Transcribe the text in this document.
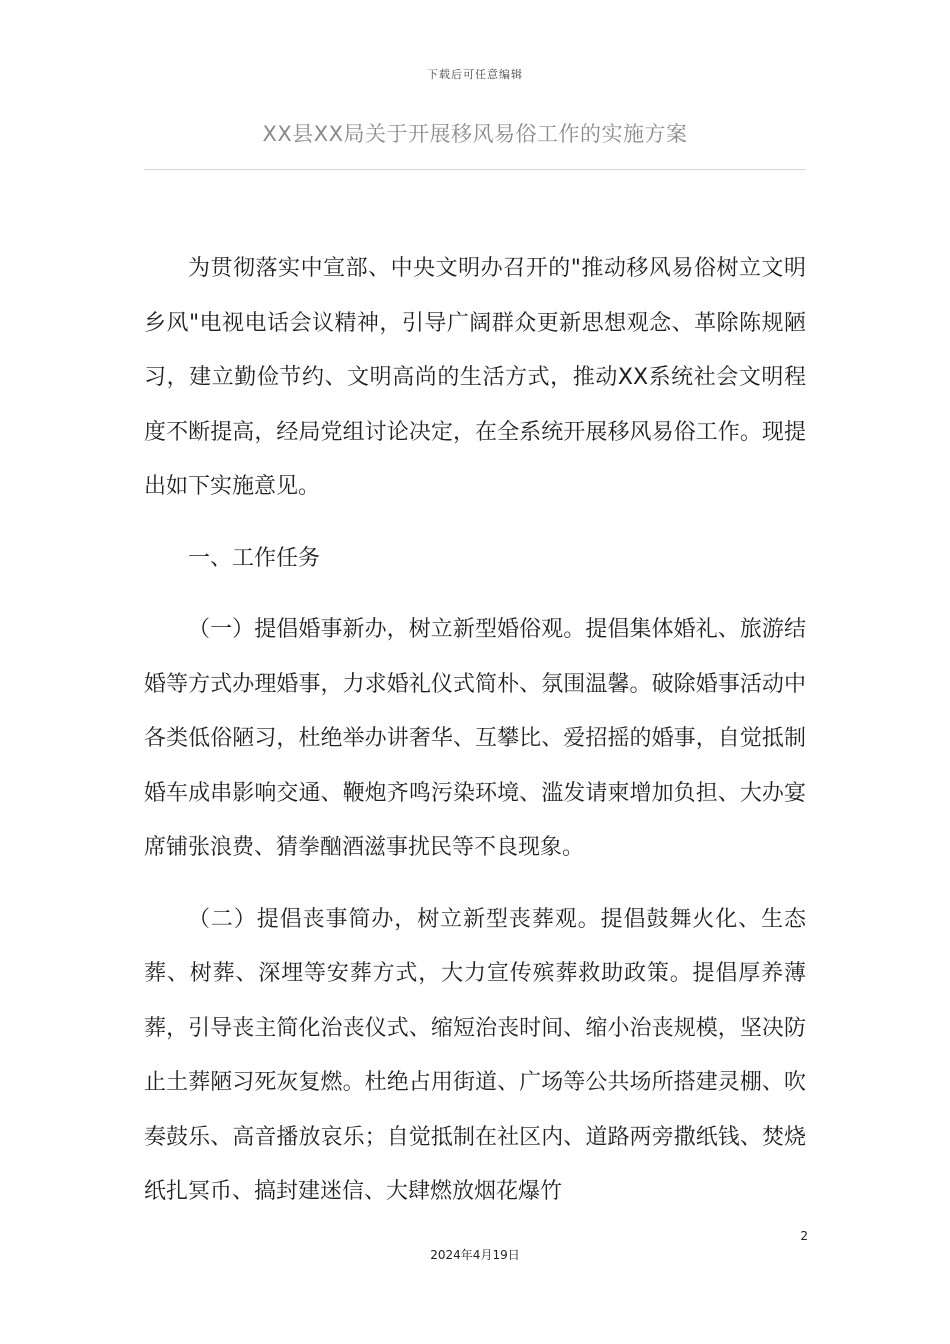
下载后可任意编辑
XX县XX局关于开展移风易俗工作的实施方案

为贯彻落实中宣部、中央文明办召开的"推动移风易俗树立文明乡风"电视电话会议精神，引导广阔群众更新思想观念、革除陈规陋习，建立勤俭节约、文明高尚的生活方式，推动XX系统社会文明程度不断提高，经局党组讨论决定，在全系统开展移风易俗工作。现提出如下实施意见。

一、工作任务

（一）提倡婚事新办，树立新型婚俗观。提倡集体婚礼、旅游结婚等方式办理婚事，力求婚礼仪式简朴、氛围温馨。破除婚事活动中各类低俗陋习，杜绝举办讲奢华、互攀比、爱招摇的婚事，自觉抵制婚车成串影响交通、鞭炮齐鸣污染环境、滥发请柬增加负担、大办宴席铺张浪费、猜拳酗酒滋事扰民等不良现象。

（二）提倡丧事简办，树立新型丧葬观。提倡鼓舞火化、生态葬、树葬、深埋等安葬方式，大力宣传殡葬救助政策。提倡厚养薄葬，引导丧主简化治丧仪式、缩短治丧时间、缩小治丧规模，坚决防止土葬陋习死灰复燃。杜绝占用街道、广场等公共场所搭建灵棚、吹奏鼓乐、高音播放哀乐；自觉抵制在社区内、道路两旁撒纸钱、焚烧纸扎冥币、搞封建迷信、大肆燃放烟花爆竹

2
2024年4月19日
